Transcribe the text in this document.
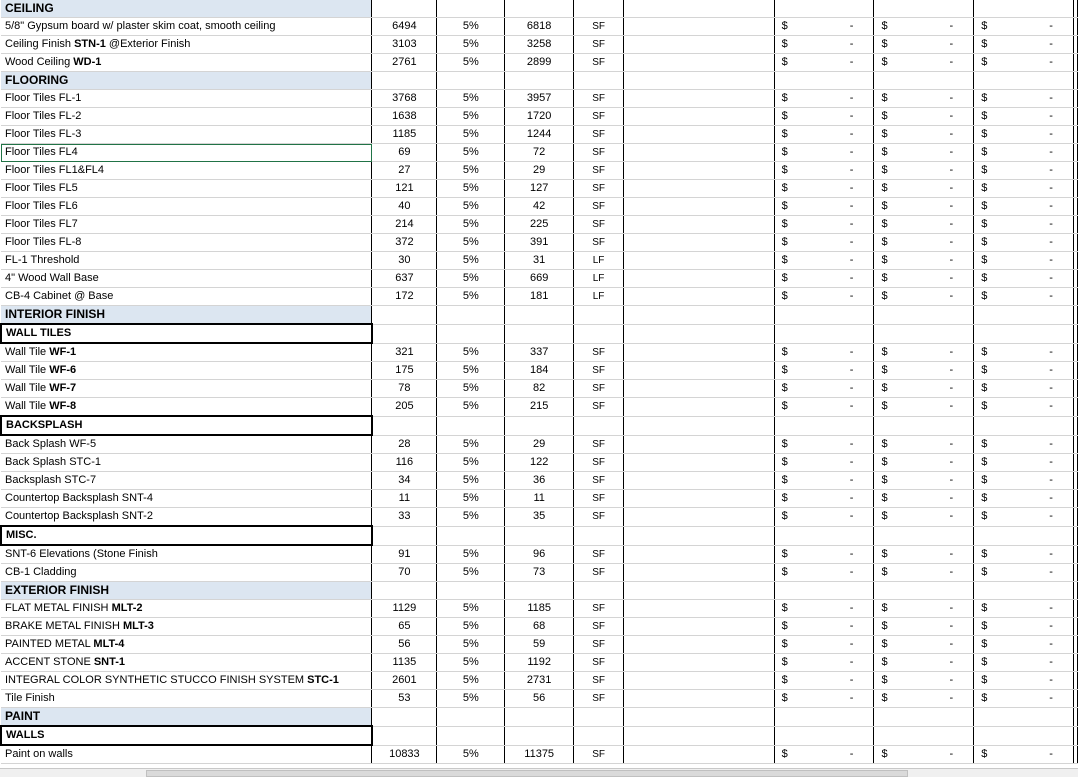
CEILING									
5/8" Gypsum board w/ plaster skim coat, smooth ceiling	6494	5%	6818	SF		$ -	$ -	$ -	

Ceiling Finish STN-1 @Exterior Finish	3103	5%	3258	SF		$ -	$ -	$ -	

Wood Ceiling WD-1	2761	5%	2899	SF		$ -	$ -	$ -	

FLOORING									
Floor Tiles FL-1	3768	5%	3957	SF		$ -	$ -	$ -	

Floor Tiles FL-2	1638	5%	1720	SF		$ -	$ -	$ -	

Floor Tiles FL-3	1185	5%	1244	SF		$ -	$ -	$ -	

Floor Tiles FL4	69	5%	72	SF		$ -	$ -	$ -	

Floor Tiles FL1&FL4	27	5%	29	SF		$ -	$ -	$ -	

Floor Tiles FL5	121	5%	127	SF		$ -	$ -	$ -	

Floor Tiles FL6	40	5%	42	SF		$ -	$ -	$ -	

Floor Tiles FL7	214	5%	225	SF		$ -	$ -	$ -	

Floor Tiles FL-8	372	5%	391	SF		$ -	$ -	$ -	

FL-1 Threshold	30	5%	31	LF		$ -	$ -	$ -	

4" Wood Wall Base	637	5%	669	LF		$ -	$ -	$ -	

CB-4 Cabinet @ Base	172	5%	181	LF		$ -	$ -	$ -	

INTERIOR FINISH									
WALL TILES									
Wall Tile WF-1	321	5%	337	SF		$ -	$ -	$ -	

Wall Tile WF-6	175	5%	184	SF		$ -	$ -	$ -	

Wall Tile WF-7	78	5%	82	SF		$ -	$ -	$ -	

Wall Tile WF-8	205	5%	215	SF		$ -	$ -	$ -	

BACKSPLASH									
Back Splash WF-5	28	5%	29	SF		$ -	$ -	$ -	

Back Splash STC-1	116	5%	122	SF		$ -	$ -	$ -	

Backsplash STC-7	34	5%	36	SF		$ -	$ -	$ -	

Countertop Backsplash SNT-4	11	5%	11	SF		$ -	$ -	$ -	

Countertop Backsplash SNT-2	33	5%	35	SF		$ -	$ -	$ -	

MISC.									
SNT-6 Elevations (Stone Finish	91	5%	96	SF		$ -	$ -	$ -	

CB-1 Cladding	70	5%	73	SF		$ -	$ -	$ -	

EXTERIOR FINISH									
FLAT METAL FINISH MLT-2	1129	5%	1185	SF		$ -	$ -	$ -	

BRAKE METAL FINISH MLT-3	65	5%	68	SF		$ -	$ -	$ -	

PAINTED METAL MLT-4	56	5%	59	SF		$ -	$ -	$ -	

ACCENT STONE SNT-1	1135	5%	1192	SF		$ -	$ -	$ -	

INTEGRAL COLOR SYNTHETIC STUCCO FINISH SYSTEM STC-1	2601	5%	2731	SF		$ -	$ -	$ -	

Tile Finish	53	5%	56	SF		$ -	$ -	$ -	

PAINT									
WALLS									
Paint on walls	10833	5%	11375	SF		$ -	$ -	$ -	
